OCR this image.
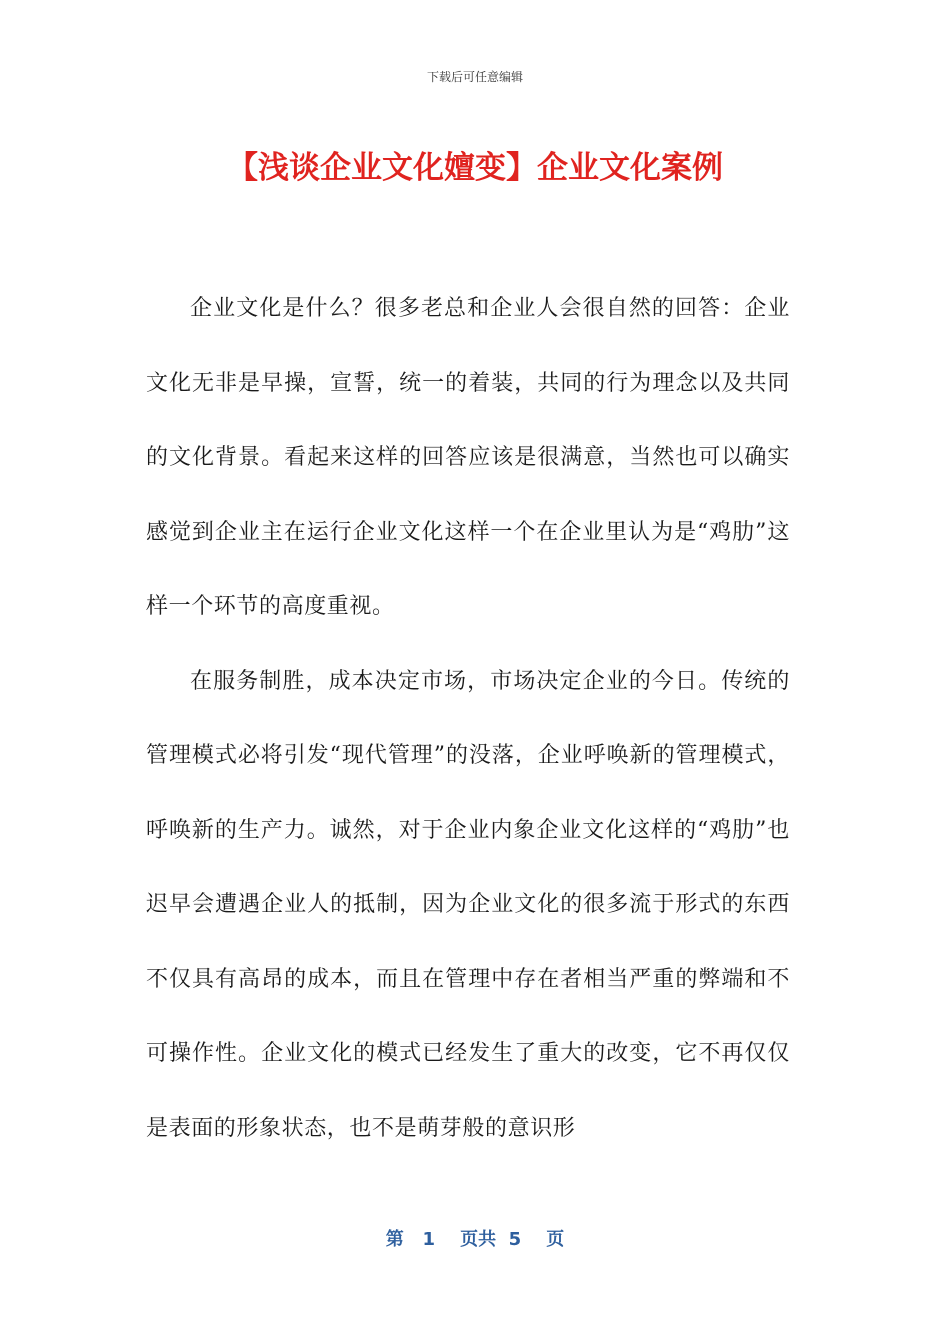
下载后可任意编辑
【浅谈企业文化嬗变】企业文化案例

企业文化是什么？很多老总和企业人会很自然的回答：企业文化无非是早操，宣誓，统一的着装，共同的行为理念以及共同的文化背景。看起来这样的回答应该是很满意，当然也可以确实感觉到企业主在运行企业文化这样一个在企业里认为是“鸡肋”这样一个环节的高度重视。

在服务制胜，成本决定市场，市场决定企业的今日。传统的管理模式必将引发“现代管理”的没落，企业呼唤新的管理模式，呼唤新的生产力。诚然，对于企业内象企业文化这样的“鸡肋”也迟早会遭遇企业人的抵制，因为企业文化的很多流于形式的东西不仅具有高昂的成本，而且在管理中存在者相当严重的弊端和不可操作性。企业文化的模式已经发生了重大的改变，它不再仅仅是表面的形象状态，也不是萌芽般的意识形

第 1 页共 5 页
